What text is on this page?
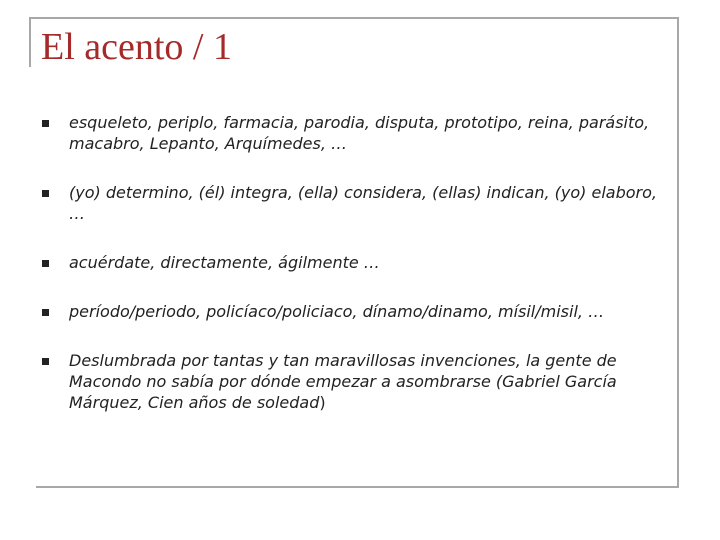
El acento / 1
esqueleto, periplo, farmacia, parodia, disputa, prototipo, reina, parásito, macabro, Lepanto, Arquímedes, …
(yo) determino, (él) integra, (ella) considera, (ellas) indican, (yo) elaboro, …
acuérdate, directamente, ágilmente …
período/periodo, policíaco/policiaco, dínamo/dinamo, mísil/misil, …
Deslumbrada por tantas y tan maravillosas invenciones, la gente de Macondo no sabía por dónde empezar a asombrarse (Gabriel García Márquez, Cien años de soledad)
